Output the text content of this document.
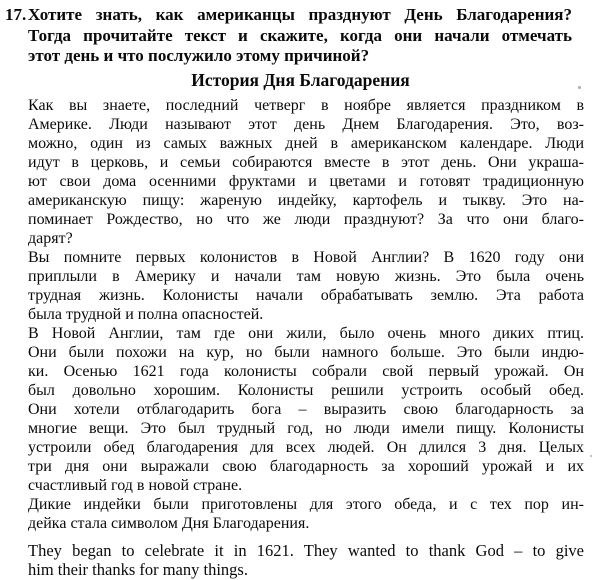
17. Хотите знать, как американцы празднуют День Благодарения?
Тогда прочитайте текст и скажите, когда они начали отмечать
этот день и что послужило этому причиной?
История Дня Благодарения
Как вы знаете, последний четверг в ноябре является праздником в
Америке. Люди называют этот день Днем Благодарения. Это, воз-
можно, один из самых важных дней в американском календаре. Люди
идут в церковь, и семьи собираются вместе в этот день. Они украша-
ют свои дома осенними фруктами и цветами и готовят традиционную
американскую пищу: жареную индейку, картофель и тыкву. Это на-
поминает Рождество, но что же люди празднуют? За что они благо-
дарят?
Вы помните первых колонистов в Новой Англии? В 1620 году они
приплыли в Америку и начали там новую жизнь. Это была очень
трудная жизнь. Колонисты начали обрабатывать землю. Эта работа
была трудной и полна опасностей.
В Новой Англии, там где они жили, было очень много диких птиц.
Они были похожи на кур, но были намного больше. Это были индю-
ки. Осенью 1621 года колонисты собрали свой первый урожай. Он
был довольно хорошим. Колонисты решили устроить особый обед.
Они хотели отблагодарить бога – выразить свою благодарность за
многие вещи. Это был трудный год, но люди имели пищу. Колонисты
устроили обед благодарения для всех людей. Он длился 3 дня. Целых
три дня они выражали свою благодарность за хороший урожай и их
счастливый год в новой стране.
Дикие индейки были приготовлены для этого обеда, и с тех пор ин-
дейка стала символом Дня Благодарения.
They began to celebrate it in 1621. They wanted to thank God – to give
him their thanks for many things.
